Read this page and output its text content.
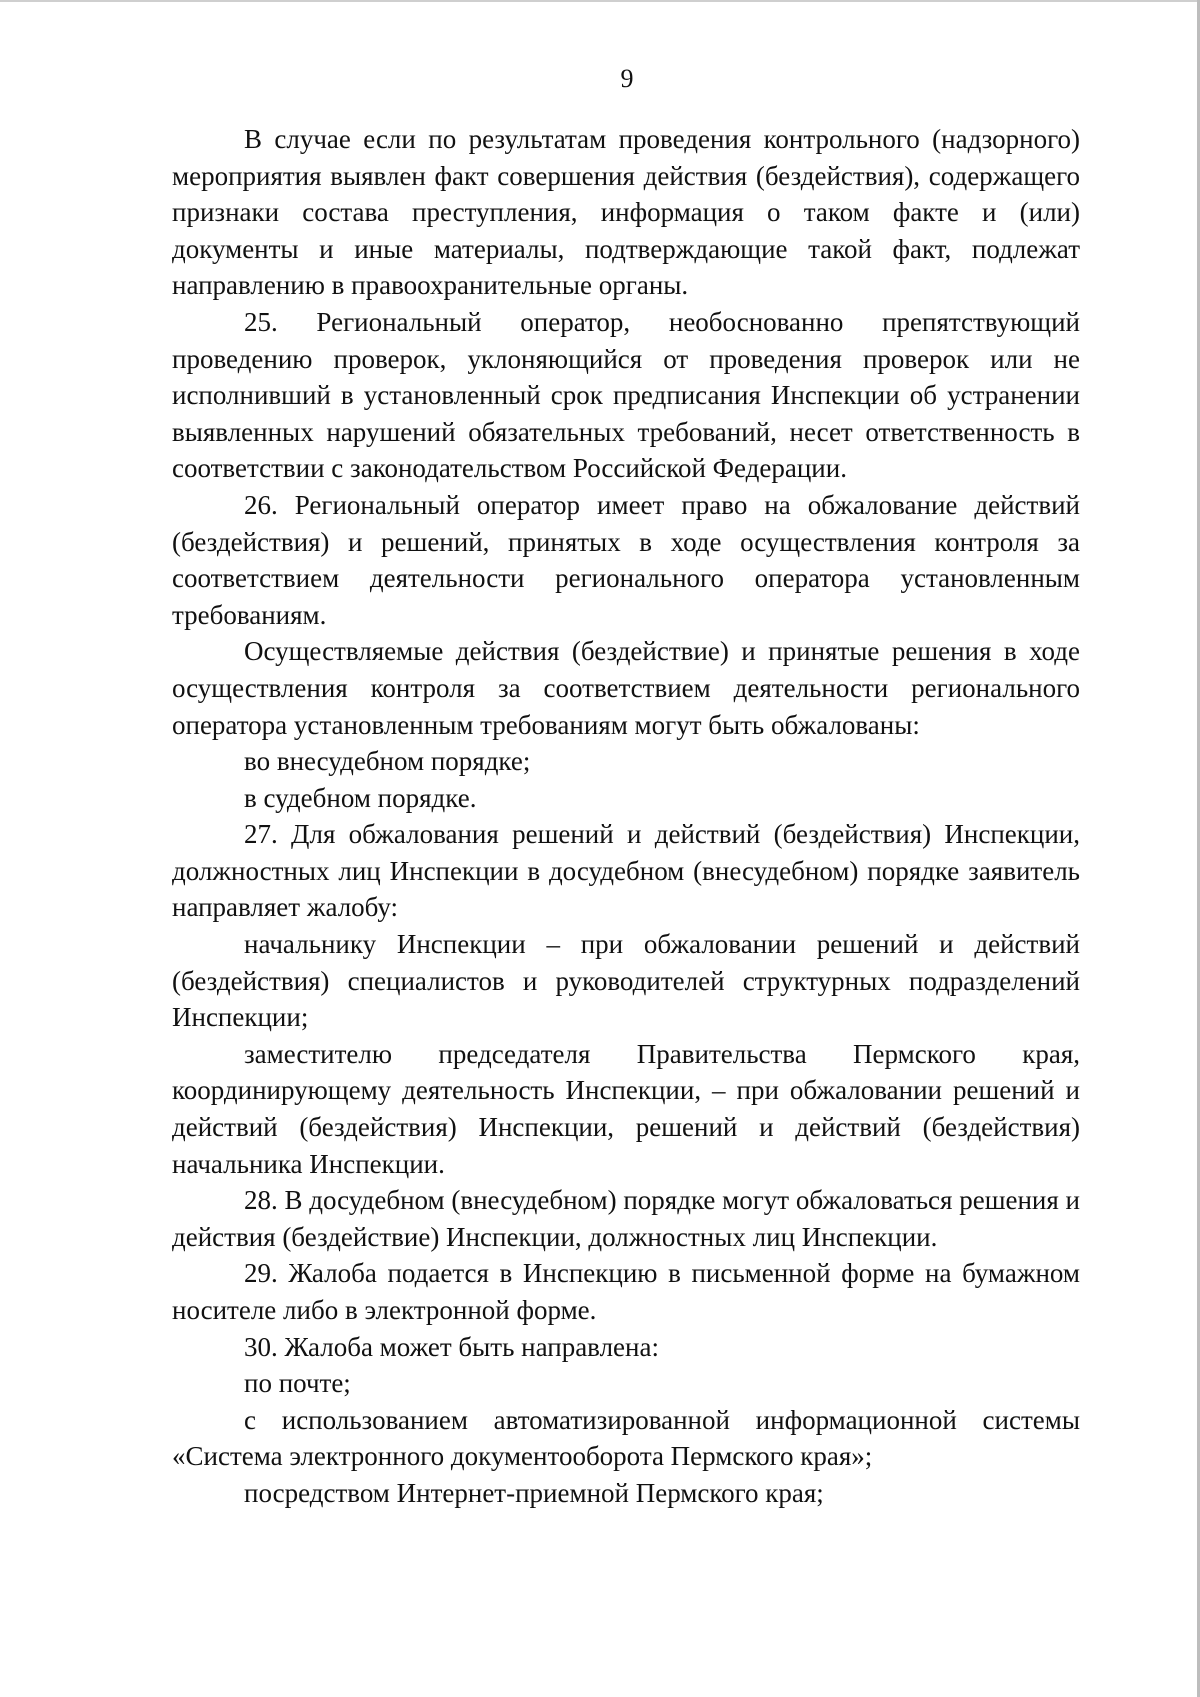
9

В случае если по результатам проведения контрольного (надзорного) мероприятия выявлен факт совершения действия (бездействия), содержащего признаки состава преступления, информация о таком факте и (или) документы и иные материалы, подтверждающие такой факт, подлежат направлению в правоохранительные органы.

25. Региональный оператор, необоснованно препятствующий проведению проверок, уклоняющийся от проведения проверок или не исполнивший в установленный срок предписания Инспекции об устранении выявленных нарушений обязательных требований, несет ответственность в соответствии с законодательством Российской Федерации.

26. Региональный оператор имеет право на обжалование действий (бездействия) и решений, принятых в ходе осуществления контроля за соответствием деятельности регионального оператора установленным требованиям.

Осуществляемые действия (бездействие) и принятые решения в ходе осуществления контроля за соответствием деятельности регионального оператора установленным требованиям могут быть обжалованы:

во внесудебном порядке;

в судебном порядке.

27. Для обжалования решений и действий (бездействия) Инспекции, должностных лиц Инспекции в досудебном (внесудебном) порядке заявитель направляет жалобу:

начальнику Инспекции – при обжаловании решений и действий (бездействия) специалистов и руководителей структурных подразделений Инспекции;

заместителю председателя Правительства Пермского края, координирующему деятельность Инспекции, – при обжаловании решений и действий (бездействия) Инспекции, решений и действий (бездействия) начальника Инспекции.

28. В досудебном (внесудебном) порядке могут обжаловаться решения и действия (бездействие) Инспекции, должностных лиц Инспекции.

29. Жалоба подается в Инспекцию в письменной форме на бумажном носителе либо в электронной форме.

30. Жалоба может быть направлена:

по почте;

с использованием автоматизированной информационной системы «Система электронного документооборота Пермского края»;

посредством Интернет-приемной Пермского края;
